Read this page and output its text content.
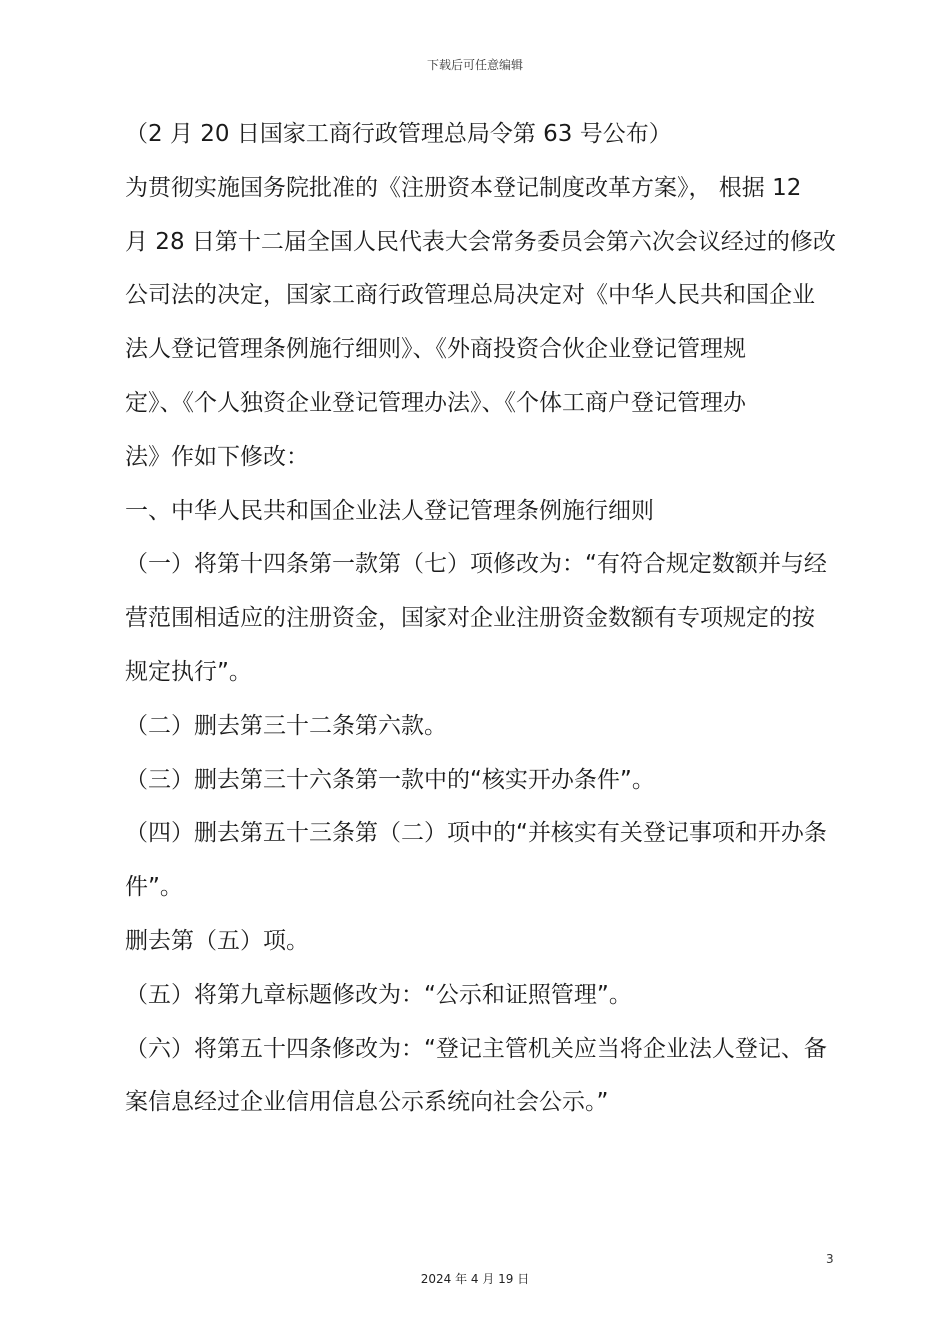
下载后可任意编辑

（2 月 20 日国家工商行政管理总局令第 63 号公布）

为贯彻实施国务院批准的《注册资本登记制度改革方案》， 根据 12

月 28 日第十二届全国人民代表大会常务委员会第六次会议经过的修改

公司法的决定，国家工商行政管理总局决定对《中华人民共和国企业

法人登记管理条例施行细则》、《外商投资合伙企业登记管理规

定》、《个人独资企业登记管理办法》、《个体工商户登记管理办

法》作如下修改：

一、中华人民共和国企业法人登记管理条例施行细则

（一）将第十四条第一款第（七）项修改为：“有符合规定数额并与经

营范围相适应的注册资金，国家对企业注册资金数额有专项规定的按

规定执行”。

（二）删去第三十二条第六款。

（三）删去第三十六条第一款中的“核实开办条件”。

（四）删去第五十三条第（二）项中的“并核实有关登记事项和开办条

件”。

删去第（五）项。

（五）将第九章标题修改为：“公示和证照管理”。

（六）将第五十四条修改为：“登记主管机关应当将企业法人登记、备

案信息经过企业信用信息公示系统向社会公示。”

3
2024 年 4 月 19 日
